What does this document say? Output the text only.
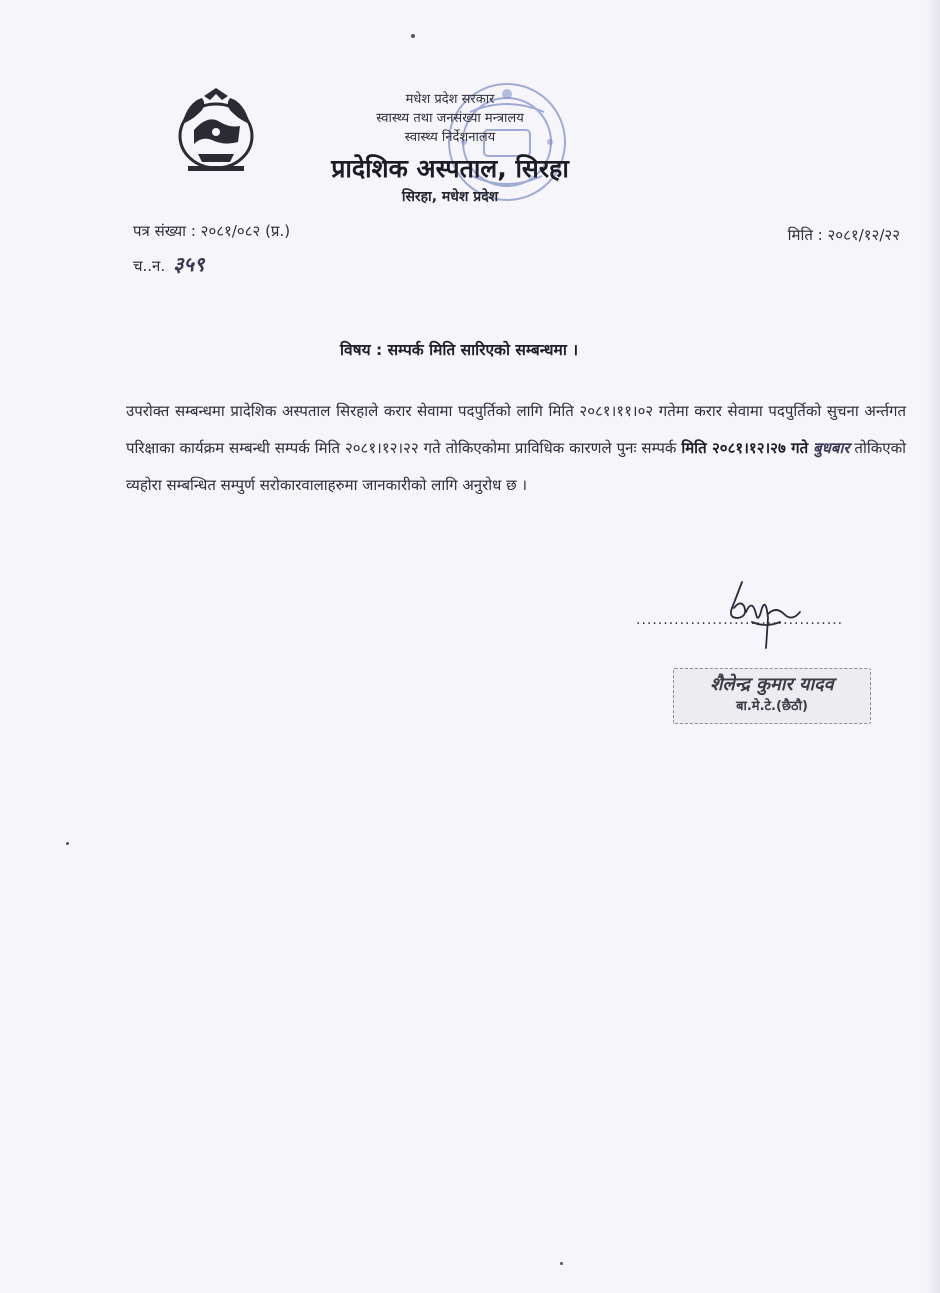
मधेश प्रदेश सरकार
स्वास्थ्य तथा जनसंख्या मन्त्रालय
स्वास्थ्य निर्देशनालय
प्रादेशिक अस्पताल, सिरहा
सिरहा, मधेश प्रदेश
पत्र संख्या : २०८१/०८२ (प्र.)	मिति : २०८१/१२/२२
च..न. ३५९
विषय : सम्पर्क मिति सारिएको सम्बन्धमा ।
उपरोक्त सम्बन्धमा प्रादेशिक अस्पताल सिरहाले करार सेवामा पदपुर्तिको लागि मिति २०८१।११।०२ गतेमा करार सेवामा पदपुर्तिको सुचना अर्न्तगत परिक्षाका कार्यक्रम सम्बन्धी सम्पर्क मिति २०८१।१२।२२ गते तोकिएकोमा प्राविधिक कारणले पुनः सम्पर्क मिति २०८१।१२।२७ गते बुधबार तोकिएको व्यहोरा सम्बन्धित सम्पुर्ण सरोकारवालाहरुमा जानकारीको लागि अनुरोध छ ।
......................................
शैलेन्द्र कुमार यादव
बा.मे.टे.(छैठौ)
